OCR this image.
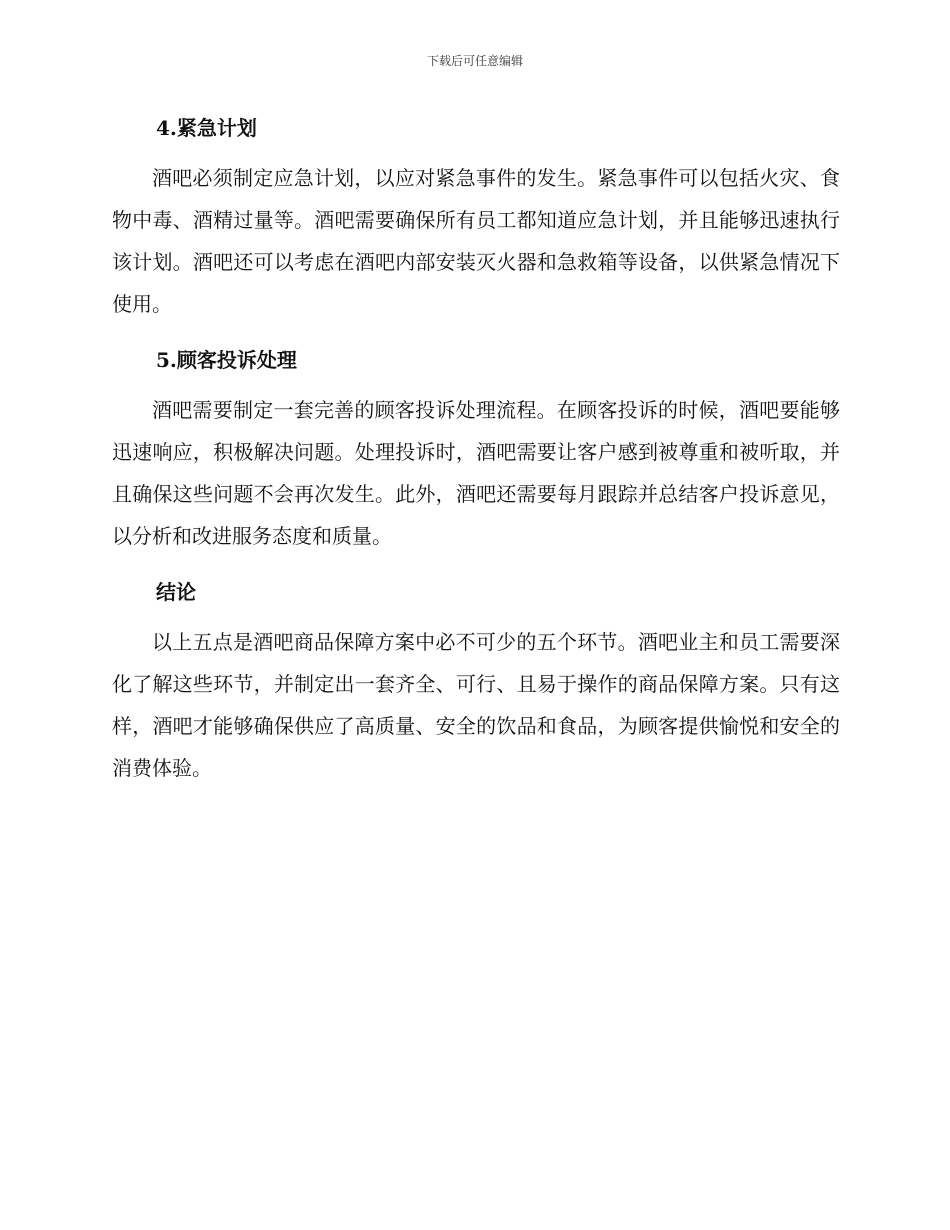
下载后可任意编辑
4.紧急计划

酒吧必须制定应急计划，以应对紧急事件的发生。紧急事件可以包括火灾、食物中毒、酒精过量等。酒吧需要确保所有员工都知道应急计划，并且能够迅速执行该计划。酒吧还可以考虑在酒吧内部安装灭火器和急救箱等设备，以供紧急情况下使用。

5.顾客投诉处理

酒吧需要制定一套完善的顾客投诉处理流程。在顾客投诉的时候，酒吧要能够迅速响应，积极解决问题。处理投诉时，酒吧需要让客户感到被尊重和被听取，并且确保这些问题不会再次发生。此外，酒吧还需要每月跟踪并总结客户投诉意见，以分析和改进服务态度和质量。

结论

以上五点是酒吧商品保障方案中必不可少的五个环节。酒吧业主和员工需要深化了解这些环节，并制定出一套齐全、可行、且易于操作的商品保障方案。只有这样，酒吧才能够确保供应了高质量、安全的饮品和食品，为顾客提供愉悦和安全的消费体验。
